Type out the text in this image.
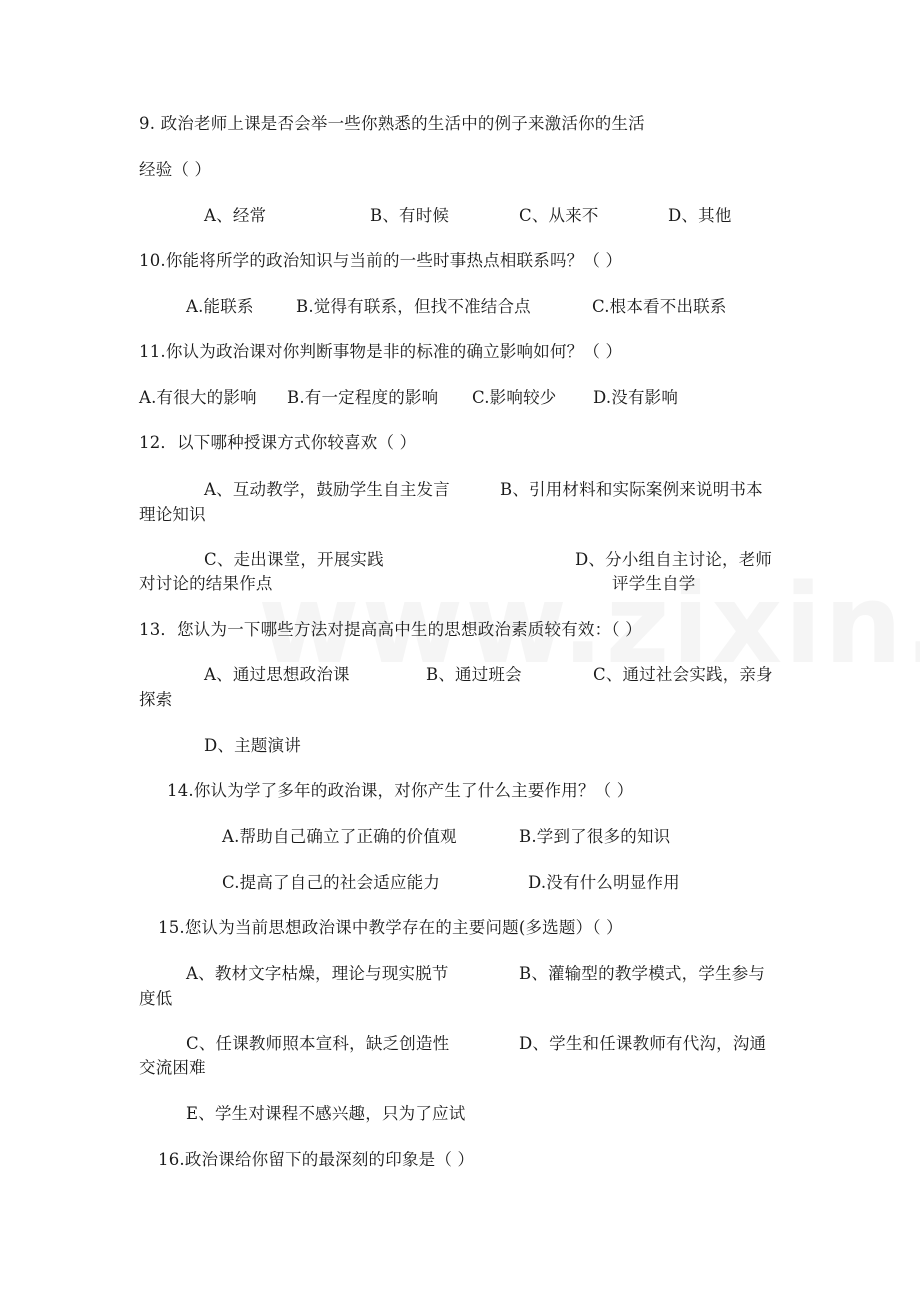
9. 政治老师上课是否会举一些你熟悉的生活中的例子来激活你的生活
经验（ ）
A、经常	B、有时候	C、从来不	D、其他
10.你能将所学的政治知识与当前的一些时事热点相联系吗？（ ）
A.能联系	B.觉得有联系，但找不准结合点	C.根本看不出联系
11.你认为政治课对你判断事物是非的标准的确立影响如何？（ ）
A.有很大的影响 B.有一定程度的影响 C.影响较少 D.没有影响
12．以下哪种授课方式你较喜欢（ ）
A、互动教学，鼓励学生自主发言	B、引用材料和实际案例来说明书本
理论知识
C、走出课堂，开展实践	D、分小组自主讨论，老师
对讨论的结果作点	评学生自学
13．您认为一下哪些方法对提高高中生的思想政治素质较有效：（ ）
A、通过思想政治课	B、通过班会	C、通过社会实践，亲身
探索
D、主题演讲
14.你认为学了多年的政治课，对你产生了什么主要作用？（ ）
A.帮助自己确立了正确的价值观	B.学到了很多的知识
C.提高了自己的社会适应能力	D.没有什么明显作用
15.您认为当前思想政治课中教学存在的主要问题(多选题）（ ）
A、教材文字枯燥，理论与现实脱节	B、灌输型的教学模式，学生参与
度低
C、任课教师照本宣科，缺乏创造性	D、学生和任课教师有代沟，沟通
交流困难
E、学生对课程不感兴趣，只为了应试
16.政治课给你留下的最深刻的印象是（ ）
